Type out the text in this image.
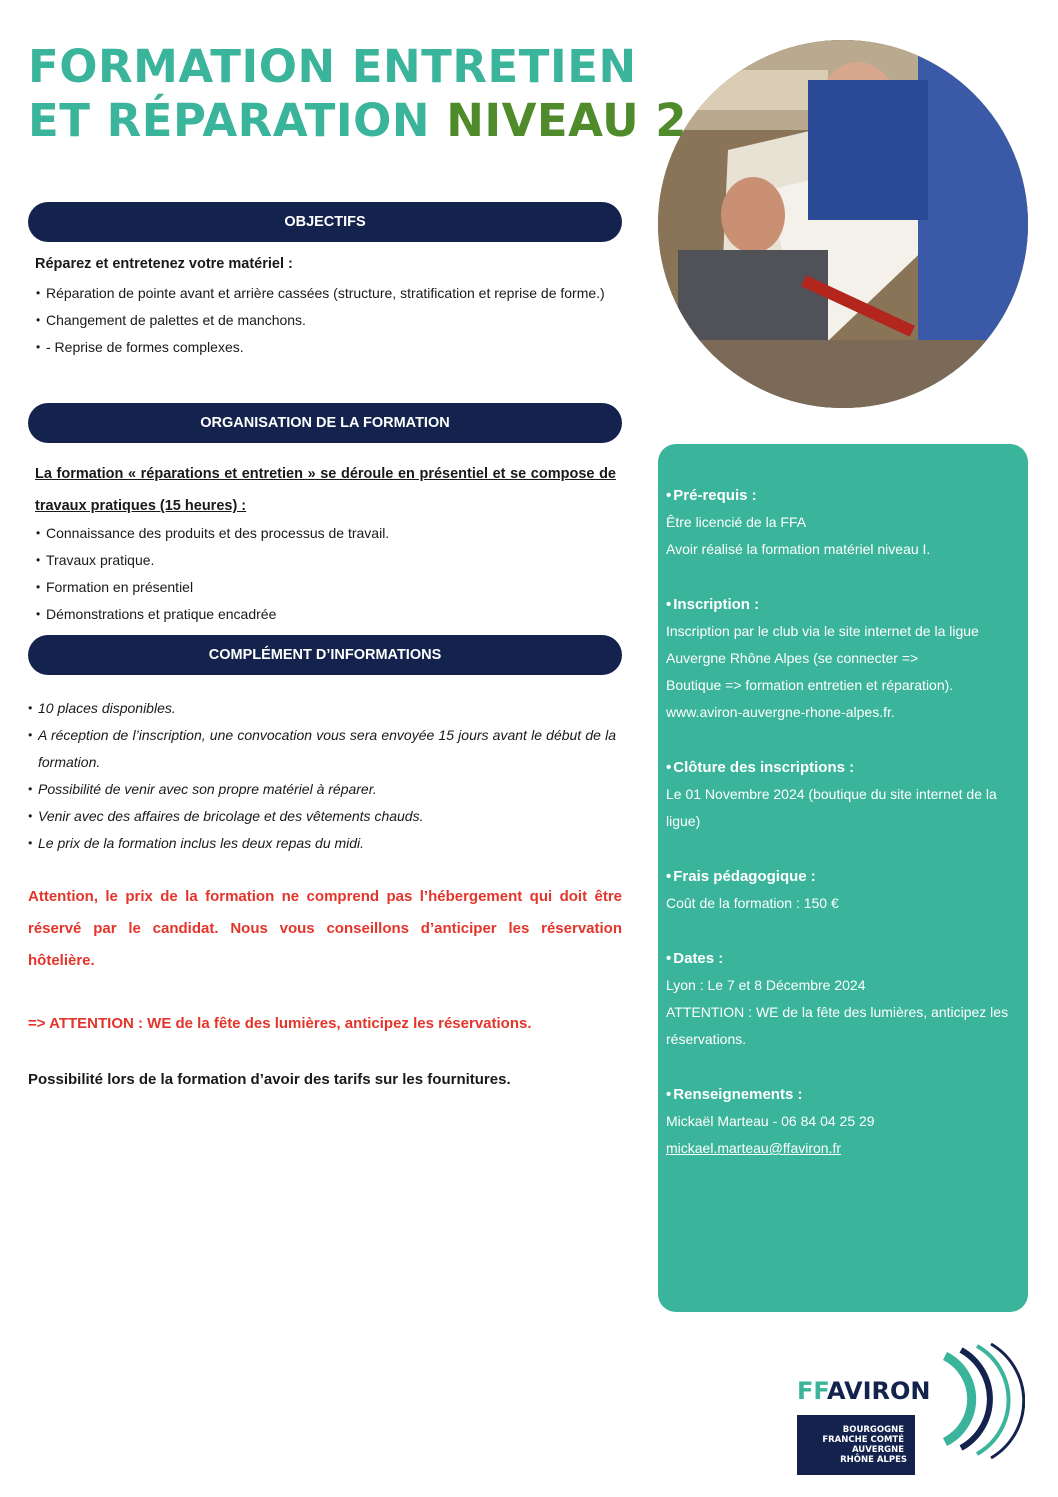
FORMATION ENTRETIEN
ET RÉPARATION NIVEAU 2
OBJECTIFS

Réparez et entretenez votre matériel :

• Réparation de pointe avant et arrière cassées (structure, stratification et reprise de forme.)
• Changement de palettes et de manchons.
• - Reprise de formes complexes.
ORGANISATION DE LA FORMATION

La formation « réparations et entretien » se déroule en présentiel et se compose de travaux pratiques (15 heures) :

• Connaissance des produits et des processus de travail.
• Travaux pratique.
• Formation en présentiel
• Démonstrations et pratique encadrée
COMPLÉMENT D’INFORMATIONS
• 10 places disponibles.
• A réception de l’inscription, une convocation vous sera envoyée 15 jours avant le début de la formation.
• Possibilité de venir avec son propre matériel à réparer.
• Venir avec des affaires de bricolage et des vêtements chauds.
• Le prix de la formation inclus les deux repas du midi.

Attention, le prix de la formation ne comprend pas l’hébergement qui doit être réservé par le candidat. Nous vous conseillons d’anticiper les réservation hôtelière.

=> ATTENTION : WE de la fête des lumières, anticipez les réservations.

Possibilité lors de la formation d’avoir des tarifs sur les fournitures.

• Pré-requis :

Être licencié de la FFA

Avoir réalisé la formation matériel niveau I.

• Inscription :

Inscription par le club via le site internet de la ligue

Auvergne Rhône Alpes (se connecter =>

Boutique => formation entretien et réparation).

www.aviron-auvergne-rhone-alpes.fr.

• Clôture des inscriptions :

Le 01 Novembre 2024 (boutique du site internet de la ligue)

• Frais pédagogique :

Coût de la formation : 150 €

• Dates :

Lyon : Le 7 et 8 Décembre 2024

ATTENTION : WE de la fête des lumières, anticipez les réservations.

• Renseignements :

Mickaël Marteau - 06 84 04 25 29

mickael.marteau@ffaviron.fr

FFAVIRON
BOURGOGNE FRANCHE COMTÉ AUVERGNE RHÔNE ALPES
